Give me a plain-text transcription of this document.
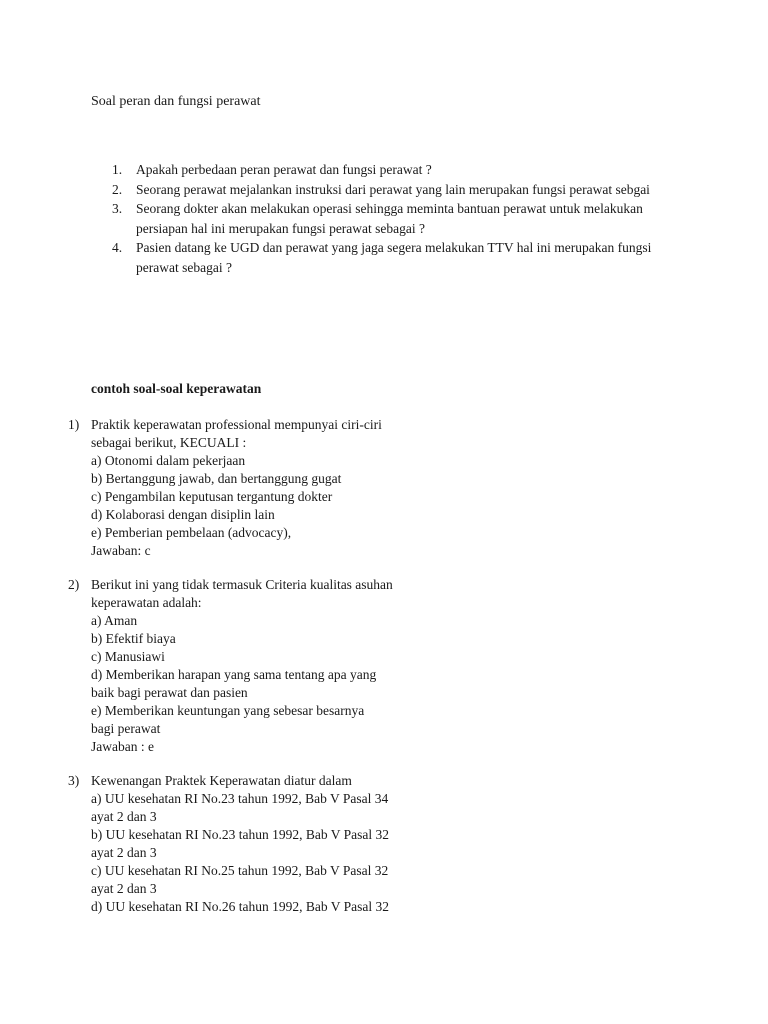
Soal peran dan fungsi perawat
1.	Apakah perbedaan peran perawat dan fungsi perawat ?
2.	Seorang perawat mejalankan instruksi dari perawat yang lain merupakan fungsi perawat sebgai
3.	Seorang dokter akan melakukan operasi sehingga meminta bantuan perawat untuk melakukan persiapan hal ini merupakan fungsi perawat sebagai ?
4.	Pasien datang ke UGD dan perawat yang jaga segera melakukan TTV hal ini merupakan fungsi perawat sebagai ?
contoh soal-soal keperawatan
1) Praktik keperawatan professional mempunyai ciri-ciri
sebagai berikut, KECUALI :
a) Otonomi dalam pekerjaan
b) Bertanggung jawab, dan bertanggung gugat
c) Pengambilan keputusan tergantung dokter
d) Kolaborasi dengan disiplin lain
e) Pemberian pembelaan (advocacy),
Jawaban: c
2) Berikut ini yang tidak termasuk Criteria kualitas asuhan
keperawatan adalah:
a) Aman
b) Efektif biaya
c) Manusiawi
d) Memberikan harapan yang sama tentang apa yang
baik bagi perawat dan pasien
e) Memberikan keuntungan yang sebesar besarnya
bagi perawat
Jawaban : e
3) Kewenangan Praktek Keperawatan diatur dalam
a) UU kesehatan RI No.23 tahun 1992, Bab V Pasal 34
ayat 2 dan 3
b) UU kesehatan RI No.23 tahun 1992, Bab V Pasal 32
ayat 2 dan 3
c) UU kesehatan RI No.25 tahun 1992, Bab V Pasal 32
ayat 2 dan 3
d) UU kesehatan RI No.26 tahun 1992, Bab V Pasal 32
